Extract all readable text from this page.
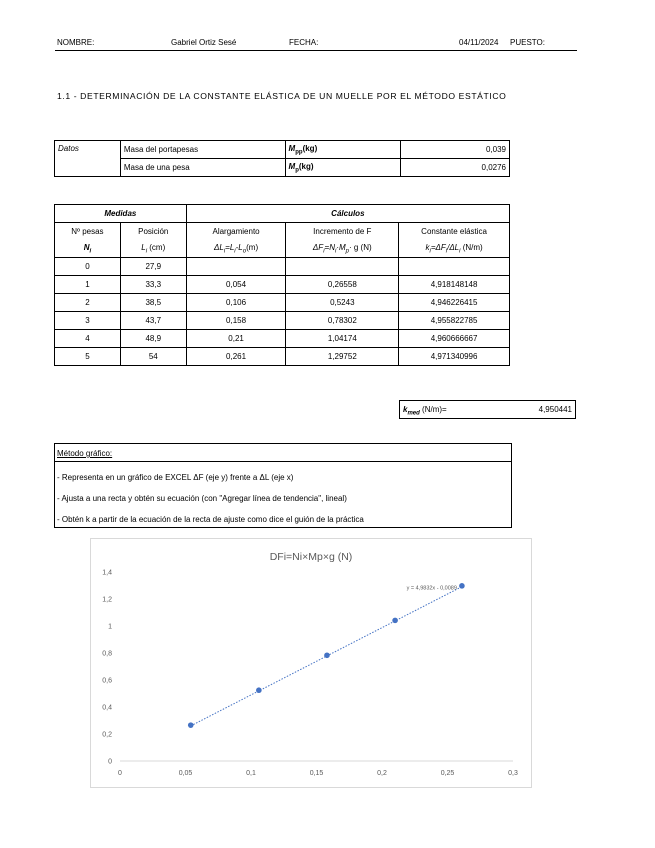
NOMBRE:	Gabriel Ortiz Sesé	FECHA:	04/11/2024 PUESTO:
1.1 - DETERMINACIÓN DE LA CONSTANTE ELÁSTICA DE UN MUELLE POR EL MÉTODO ESTÁTICO
Datos	Masa del portapesas	$M_{pp}(kg)$	0,039
	Masa de una pesa	$M_p(kg)$	0,0276
Medidas		Cálculos		
Nº pesas	Posición	Alargamiento	Incremento de F	Constante elástica
$N_i$	$L_i$ (cm)	$\Delta L_i=L_i-L_o(m)$	$\Delta F_i=N_i\cdot M_p\cdot g$ (N)	$k_i=\Delta F_i/\Delta L_i$ (N/m)
0	27,9			
1	33,3	0,054	0,26558	4,918148148
2	38,5	0,106	0,5243	4,946226415
3	43,7	0,158	0,78302	4,955822785
4	48,9	0,21	1,04174	4,960666667
5	54	0,261	1,29752	4,971340996
$k_{med}$ (N/m)=	4,950441
Método gráfico:
- Representa en un gráfico de EXCEL ΔF (eje y) frente a ΔL (eje x)
- Ajusta a una recta y obtén su ecuación (con "Agregar línea de tendencia", lineal)
- Obtén k a partir de la ecuación de la recta de ajuste como dice el guión de la práctica
DFi=Ni×Mp×g (N)
0	0,05	0,1	0,15	0,2	0,25	0,3
0
0,2
0,4
0,6
0,8
1
1,2
1,4
y = 4,9832x - 0,0089
